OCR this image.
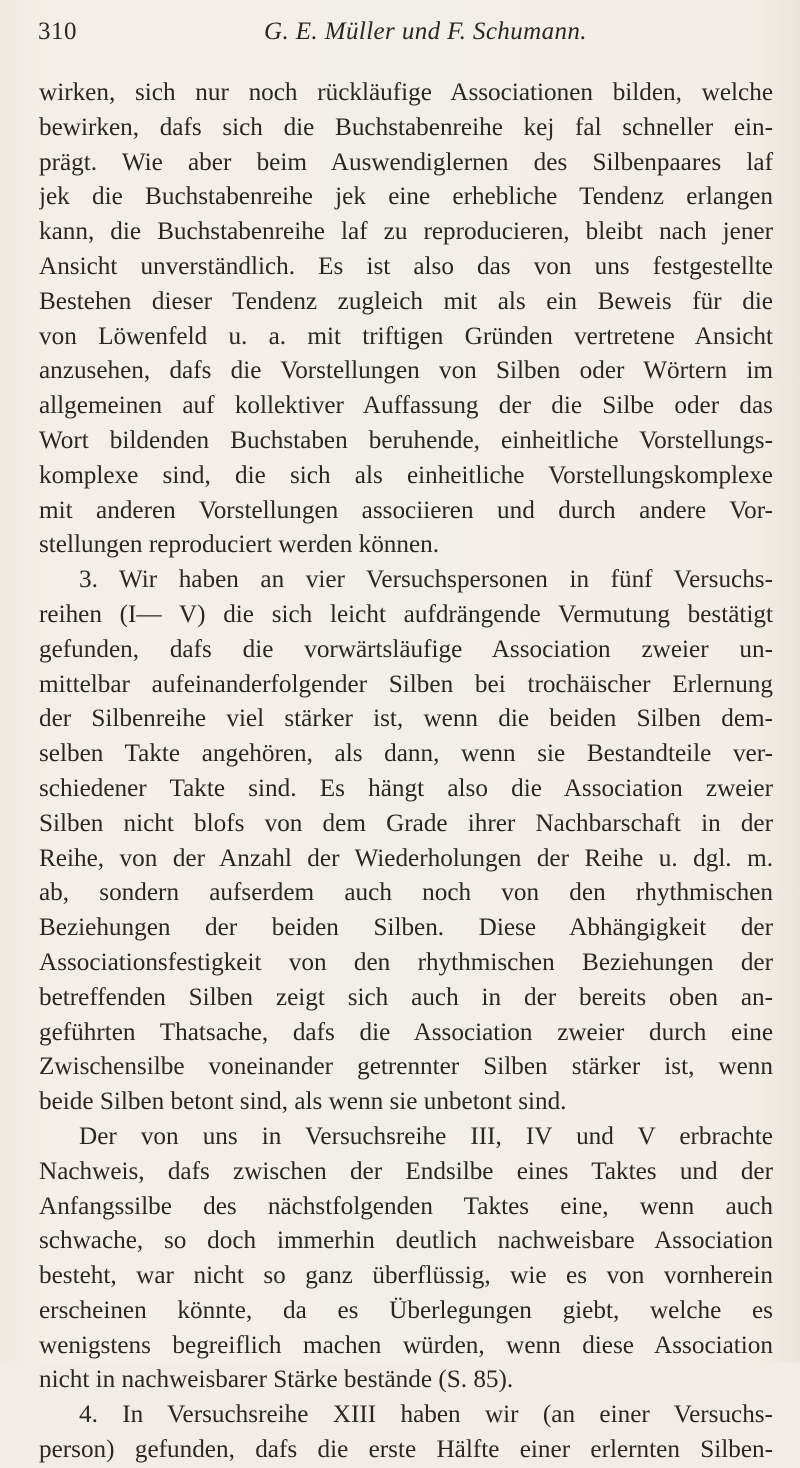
310	G. E. Müller und F. Schumann.
wirken, sich nur noch rückläufige Associationen bilden, welche
bewirken, dafs sich die Buchstabenreihe kej fal schneller ein-
prägt. Wie aber beim Auswendiglernen des Silbenpaares laf
jek die Buchstabenreihe jek eine erhebliche Tendenz erlangen
kann, die Buchstabenreihe laf zu reproducieren, bleibt nach jener
Ansicht unverständlich. Es ist also das von uns festgestellte
Bestehen dieser Tendenz zugleich mit als ein Beweis für die
von Löwenfeld u. a. mit triftigen Gründen vertretene Ansicht
anzusehen, dafs die Vorstellungen von Silben oder Wörtern im
allgemeinen auf kollektiver Auffassung der die Silbe oder das
Wort bildenden Buchstaben beruhende, einheitliche Vorstellungs-
komplexe sind, die sich als einheitliche Vorstellungskomplexe
mit anderen Vorstellungen associieren und durch andere Vor-
stellungen reproduciert werden können.
3. Wir haben an vier Versuchspersonen in fünf Versuchs-
reihen (I— V) die sich leicht aufdrängende Vermutung bestätigt
gefunden, dafs die vorwärtsläufige Association zweier un-
mittelbar aufeinanderfolgender Silben bei trochäischer Erlernung
der Silbenreihe viel stärker ist, wenn die beiden Silben dem-
selben Takte angehören, als dann, wenn sie Bestandteile ver-
schiedener Takte sind. Es hängt also die Association zweier
Silben nicht blofs von dem Grade ihrer Nachbarschaft in der
Reihe, von der Anzahl der Wiederholungen der Reihe u. dgl. m.
ab, sondern aufserdem auch noch von den rhythmischen
Beziehungen der beiden Silben. Diese Abhängigkeit der
Associationsfestigkeit von den rhythmischen Beziehungen der
betreffenden Silben zeigt sich auch in der bereits oben an-
geführten Thatsache, dafs die Association zweier durch eine
Zwischensilbe voneinander getrennter Silben stärker ist, wenn
beide Silben betont sind, als wenn sie unbetont sind.
Der von uns in Versuchsreihe III, IV und V erbrachte
Nachweis, dafs zwischen der Endsilbe eines Taktes und der
Anfangssilbe des nächstfolgenden Taktes eine, wenn auch
schwache, so doch immerhin deutlich nachweisbare Association
besteht, war nicht so ganz überflüssig, wie es von vornherein
erscheinen könnte, da es Überlegungen giebt, welche es
wenigstens begreiflich machen würden, wenn diese Association
nicht in nachweisbarer Stärke bestände (S. 85).
4. In Versuchsreihe XIII haben wir (an einer Versuchs-
person) gefunden, dafs die erste Hälfte einer erlernten Silben-
